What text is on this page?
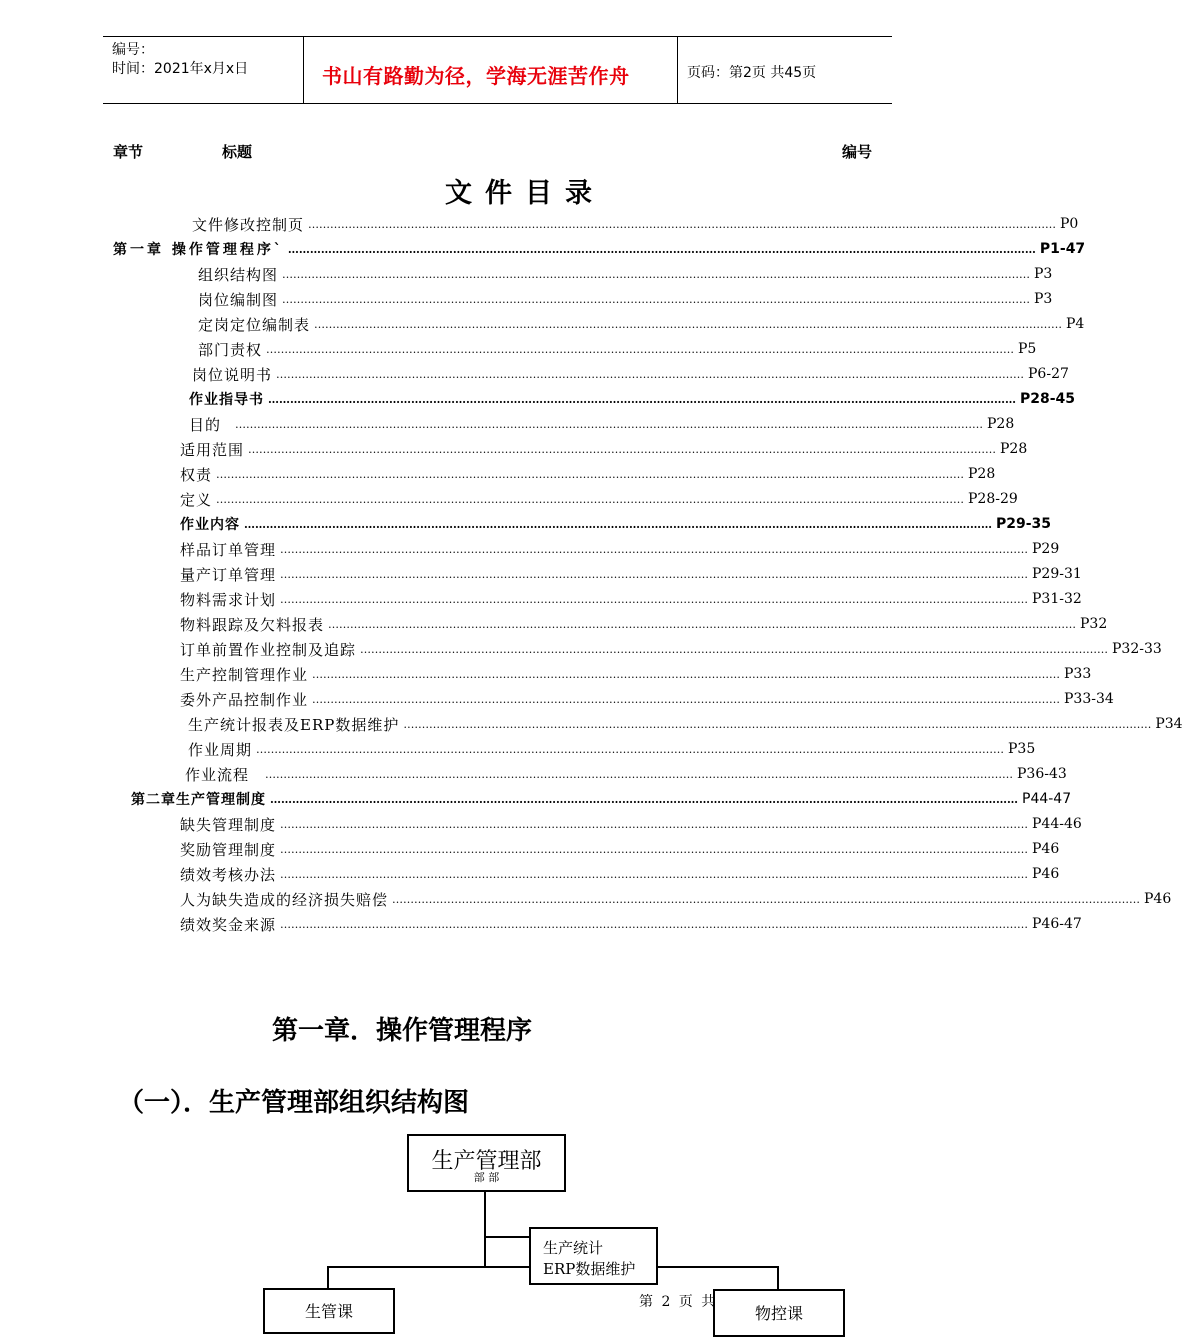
编号：
时间：2021年x月x日	书山有路勤为径，学海无涯苦作舟	页码：第2页 共45页
章节	标题	编号
文件目录
文件修改控制页 …………………………………………………………………………………………………………………………………………………………………………………… P0
第一章 操作管理程序` …………………………………………………………………………………………………………………………………………………………………………………… P1-47
组织结构图 …………………………………………………………………………………………………………………………………………………………………………………… P3
岗位编制图 …………………………………………………………………………………………………………………………………………………………………………………… P3
定岗定位编制表 …………………………………………………………………………………………………………………………………………………………………………………… P4
部门责权 …………………………………………………………………………………………………………………………………………………………………………………… P5
岗位说明书 …………………………………………………………………………………………………………………………………………………………………………………… P6-27
作业指导书 …………………………………………………………………………………………………………………………………………………………………………………… P28-45
目的 …………………………………………………………………………………………………………………………………………………………………………………… P28
适用范围 …………………………………………………………………………………………………………………………………………………………………………………… P28
权责 …………………………………………………………………………………………………………………………………………………………………………………… P28
定义 …………………………………………………………………………………………………………………………………………………………………………………… P28-29
作业内容 …………………………………………………………………………………………………………………………………………………………………………………… P29-35
样品订单管理 …………………………………………………………………………………………………………………………………………………………………………………… P29
量产订单管理 …………………………………………………………………………………………………………………………………………………………………………………… P29-31
物料需求计划 …………………………………………………………………………………………………………………………………………………………………………………… P31-32
物料跟踪及欠料报表 …………………………………………………………………………………………………………………………………………………………………………………… P32
订单前置作业控制及追踪 …………………………………………………………………………………………………………………………………………………………………………………… P32-33
生产控制管理作业 …………………………………………………………………………………………………………………………………………………………………………………… P33
委外产品控制作业 …………………………………………………………………………………………………………………………………………………………………………………… P33-34
生产统计报表及ERP数据维护 …………………………………………………………………………………………………………………………………………………………………………………… P34
作业周期 …………………………………………………………………………………………………………………………………………………………………………………… P35
作业流程 …………………………………………………………………………………………………………………………………………………………………………………… P36-43
第二章生产管理制度 …………………………………………………………………………………………………………………………………………………………………………………… P44-47
缺失管理制度 …………………………………………………………………………………………………………………………………………………………………………………… P44-46
奖励管理制度 …………………………………………………………………………………………………………………………………………………………………………………… P46
绩效考核办法 …………………………………………………………………………………………………………………………………………………………………………………… P46
人为缺失造成的经济损失赔偿 …………………………………………………………………………………………………………………………………………………………………………………… P46
绩效奖金来源 …………………………………………………………………………………………………………………………………………………………………………………… P46-47
第一章．操作管理程序
（一）．生产管理部组织结构图
生产管理部
部 部
生产统计
ERP数据维护
生管课	物控课
第 2 页 共
